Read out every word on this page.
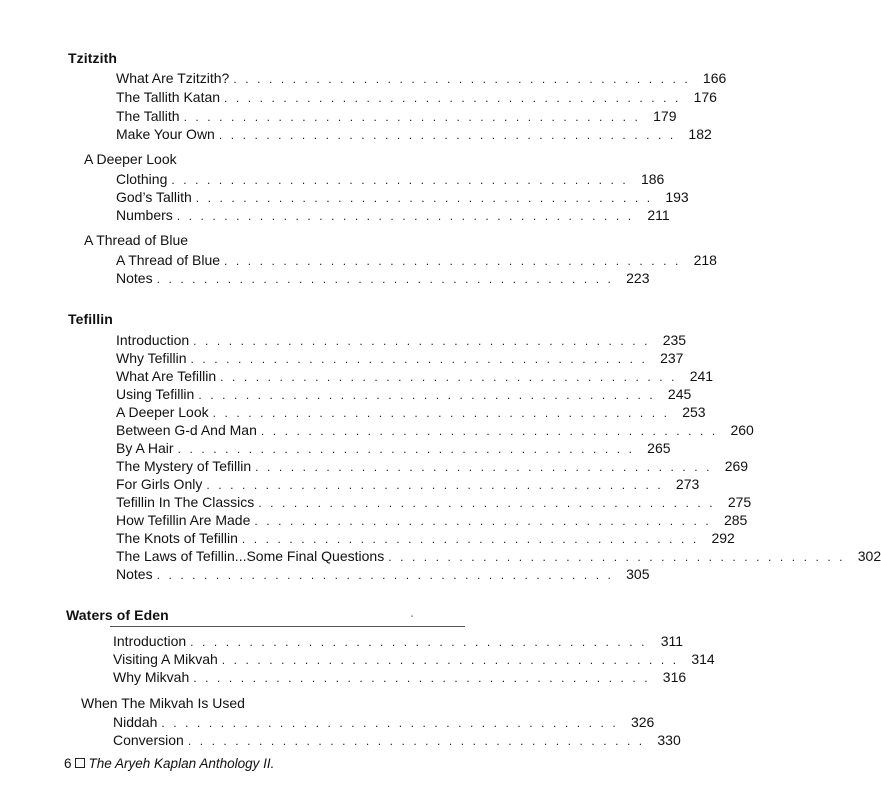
Tzitzith
What Are Tzitzith? . . . . . . . . . . . . . . . . . . . . . . . . . . . . . . . . . . . . . . . 166
The Tallith Katan . . . . . . . . . . . . . . . . . . . . . . . . . . . . . . . . . . . . . . . 176
The Tallith . . . . . . . . . . . . . . . . . . . . . . . . . . . . . . . . . . . . . . . 179
Make Your Own . . . . . . . . . . . . . . . . . . . . . . . . . . . . . . . . . . . . . . . 182
A Deeper Look
Clothing . . . . . . . . . . . . . . . . . . . . . . . . . . . . . . . . . . . . . . . 186
God’s Tallith . . . . . . . . . . . . . . . . . . . . . . . . . . . . . . . . . . . . . . . 193
Numbers . . . . . . . . . . . . . . . . . . . . . . . . . . . . . . . . . . . . . . . 211
A Thread of Blue
A Thread of Blue . . . . . . . . . . . . . . . . . . . . . . . . . . . . . . . . . . . . . . . 218
Notes . . . . . . . . . . . . . . . . . . . . . . . . . . . . . . . . . . . . . . . 223
Tefillin
Introduction . . . . . . . . . . . . . . . . . . . . . . . . . . . . . . . . . . . . . . . 235
Why Tefillin . . . . . . . . . . . . . . . . . . . . . . . . . . . . . . . . . . . . . . . 237
What Are Tefillin . . . . . . . . . . . . . . . . . . . . . . . . . . . . . . . . . . . . . . . 241
Using Tefillin . . . . . . . . . . . . . . . . . . . . . . . . . . . . . . . . . . . . . . . 245
A Deeper Look . . . . . . . . . . . . . . . . . . . . . . . . . . . . . . . . . . . . . . . 253
Between G-d And Man . . . . . . . . . . . . . . . . . . . . . . . . . . . . . . . . . . . . . . . 260
By A Hair . . . . . . . . . . . . . . . . . . . . . . . . . . . . . . . . . . . . . . . 265
The Mystery of Tefillin . . . . . . . . . . . . . . . . . . . . . . . . . . . . . . . . . . . . . . . 269
For Girls Only . . . . . . . . . . . . . . . . . . . . . . . . . . . . . . . . . . . . . . . 273
Tefillin In The Classics . . . . . . . . . . . . . . . . . . . . . . . . . . . . . . . . . . . . . . . 275
How Tefillin Are Made . . . . . . . . . . . . . . . . . . . . . . . . . . . . . . . . . . . . . . . 285
The Knots of Tefillin . . . . . . . . . . . . . . . . . . . . . . . . . . . . . . . . . . . . . . . 292
The Laws of Tefillin...Some Final Questions . . . . . . . . . . . . . . . . . . . . . . . . . . . . . . . . . . . . . . . 302
Notes . . . . . . . . . . . . . . . . . . . . . . . . . . . . . . . . . . . . . . . 305
Waters of Eden	ʻ
Introduction . . . . . . . . . . . . . . . . . . . . . . . . . . . . . . . . . . . . . . . 311
Visiting A Mikvah . . . . . . . . . . . . . . . . . . . . . . . . . . . . . . . . . . . . . . . 314
Why Mikvah . . . . . . . . . . . . . . . . . . . . . . . . . . . . . . . . . . . . . . . 316
When The Mikvah Is Used
Niddah . . . . . . . . . . . . . . . . . . . . . . . . . . . . . . . . . . . . . . . 326
Conversion . . . . . . . . . . . . . . . . . . . . . . . . . . . . . . . . . . . . . . . 330
6 The Aryeh Kaplan Anthology II.
